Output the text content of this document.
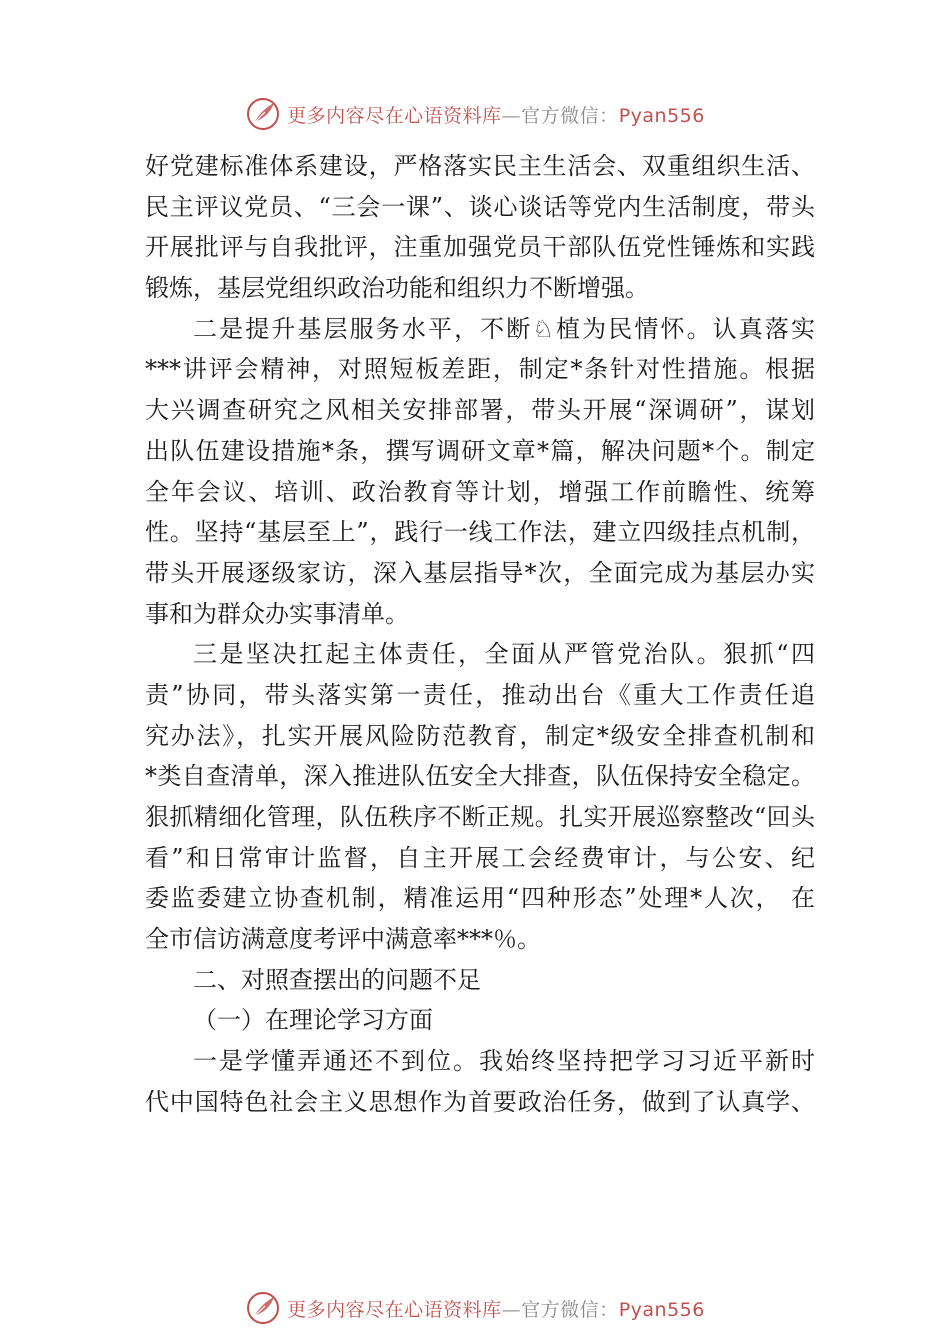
更多内容尽在心语资料库—官方微信：Pyan556
好党建标准体系建设，严格落实民主生活会、双重组织生活、
民主评议党员、“三会一课”、谈心谈话等党内生活制度，带头
开展批评与自我批评，注重加强党员干部队伍党性锤炼和实践
锻炼，基层党组织政治功能和组织力不断增强。
二是提升基层服务水平，不断♘植为民情怀。认真落实
***讲评会精神，对照短板差距，制定*条针对性措施。根据
大兴调查研究之风相关安排部署，带头开展“深调研”，谋划
出队伍建设措施*条，撰写调研文章*篇，解决问题*个。制定
全年会议、培训、政治教育等计划，增强工作前瞻性、统筹
性。坚持“基层至上”，践行一线工作法，建立四级挂点机制，
带头开展逐级家访，深入基层指导*次，全面完成为基层办实
事和为群众办实事清单。
三是坚决扛起主体责任，全面从严管党治队。狠抓“四
责”协同，带头落实第一责任，推动出台《重大工作责任追
究办法》，扎实开展风险防范教育，制定*级安全排查机制和
*类自查清单，深入推进队伍安全大排查，队伍保持安全稳定。
狠抓精细化管理，队伍秩序不断正规。扎实开展巡察整改“回头
看”和日常审计监督，自主开展工会经费审计，与公安、纪
委监委建立协查机制，精准运用“四种形态”处理*人次， 在
全市信访满意度考评中满意率***％。
二、对照查摆出的问题不足
（一）在理论学习方面
一是学懂弄通还不到位。我始终坚持把学习习近平新时
代中国特色社会主义思想作为首要政治任务，做到了认真学、
更多内容尽在心语资料库—官方微信：Pyan556
